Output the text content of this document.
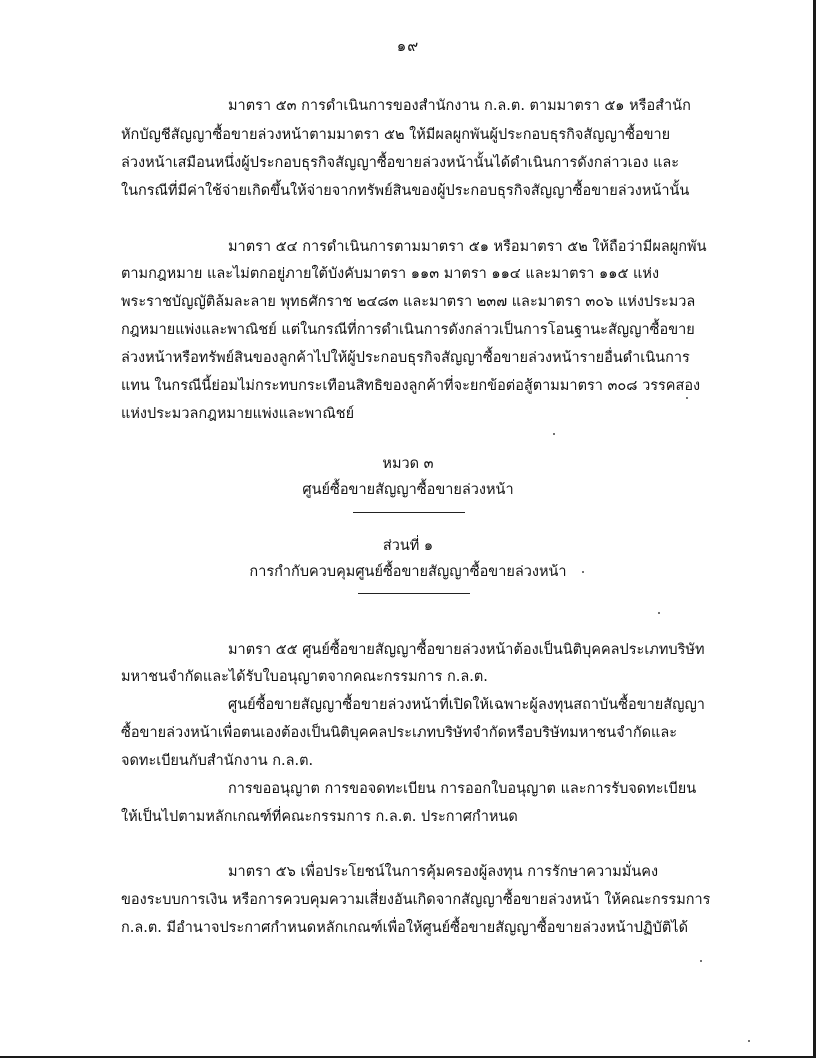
๑๙
มาตรา ๕๓ การดำเนินการของสำนักงาน ก.ล.ต. ตามมาตรา ๕๑ หรือสำนัก
หักบัญชีสัญญาซื้อขายล่วงหน้าตามมาตรา ๕๒ ให้มีผลผูกพันผู้ประกอบธุรกิจสัญญาซื้อขาย
ล่วงหน้าเสมือนหนึ่งผู้ประกอบธุรกิจสัญญาซื้อขายล่วงหน้านั้นได้ดำเนินการดังกล่าวเอง และ
ในกรณีที่มีค่าใช้จ่ายเกิดขึ้นให้จ่ายจากทรัพย์สินของผู้ประกอบธุรกิจสัญญาซื้อขายล่วงหน้านั้น
มาตรา ๕๔ การดำเนินการตามมาตรา ๕๑ หรือมาตรา ๕๒ ให้ถือว่ามีผลผูกพัน
ตามกฎหมาย และไม่ตกอยู่ภายใต้บังคับมาตรา ๑๑๓ มาตรา ๑๑๔ และมาตรา ๑๑๕ แห่ง
พระราชบัญญัติล้มละลาย พุทธศักราช ๒๔๘๓ และมาตรา ๒๓๗ และมาตรา ๓๐๖ แห่งประมวล
กฎหมายแพ่งและพาณิชย์ แต่ในกรณีที่การดำเนินการดังกล่าวเป็นการโอนฐานะสัญญาซื้อขาย
ล่วงหน้าหรือทรัพย์สินของลูกค้าไปให้ผู้ประกอบธุรกิจสัญญาซื้อขายล่วงหน้ารายอื่นดำเนินการ
แทน ในกรณีนี้ย่อมไม่กระทบกระเทือนสิทธิของลูกค้าที่จะยกข้อต่อสู้ตามมาตรา ๓๐๘ วรรคสอง
แห่งประมวลกฎหมายแพ่งและพาณิชย์
หมวด ๓
ศูนย์ซื้อขายสัญญาซื้อขายล่วงหน้า
ส่วนที่ ๑
การกำกับควบคุมศูนย์ซื้อขายสัญญาซื้อขายล่วงหน้า
มาตรา ๕๕ ศูนย์ซื้อขายสัญญาซื้อขายล่วงหน้าต้องเป็นนิติบุคคลประเภทบริษัท
มหาชนจำกัดและได้รับใบอนุญาตจากคณะกรรมการ ก.ล.ต.
ศูนย์ซื้อขายสัญญาซื้อขายล่วงหน้าที่เปิดให้เฉพาะผู้ลงทุนสถาบันซื้อขายสัญญา
ซื้อขายล่วงหน้าเพื่อตนเองต้องเป็นนิติบุคคลประเภทบริษัทจำกัดหรือบริษัทมหาชนจำกัดและ
จดทะเบียนกับสำนักงาน ก.ล.ต.
การขออนุญาต การขอจดทะเบียน การออกใบอนุญาต และการรับจดทะเบียน
ให้เป็นไปตามหลักเกณฑ์ที่คณะกรรมการ ก.ล.ต. ประกาศกำหนด
มาตรา ๕๖ เพื่อประโยชน์ในการคุ้มครองผู้ลงทุน การรักษาความมั่นคง
ของระบบการเงิน หรือการควบคุมความเสี่ยงอันเกิดจากสัญญาซื้อขายล่วงหน้า ให้คณะกรรมการ
ก.ล.ต. มีอำนาจประกาศกำหนดหลักเกณฑ์เพื่อให้ศูนย์ซื้อขายสัญญาซื้อขายล่วงหน้าปฏิบัติได้
